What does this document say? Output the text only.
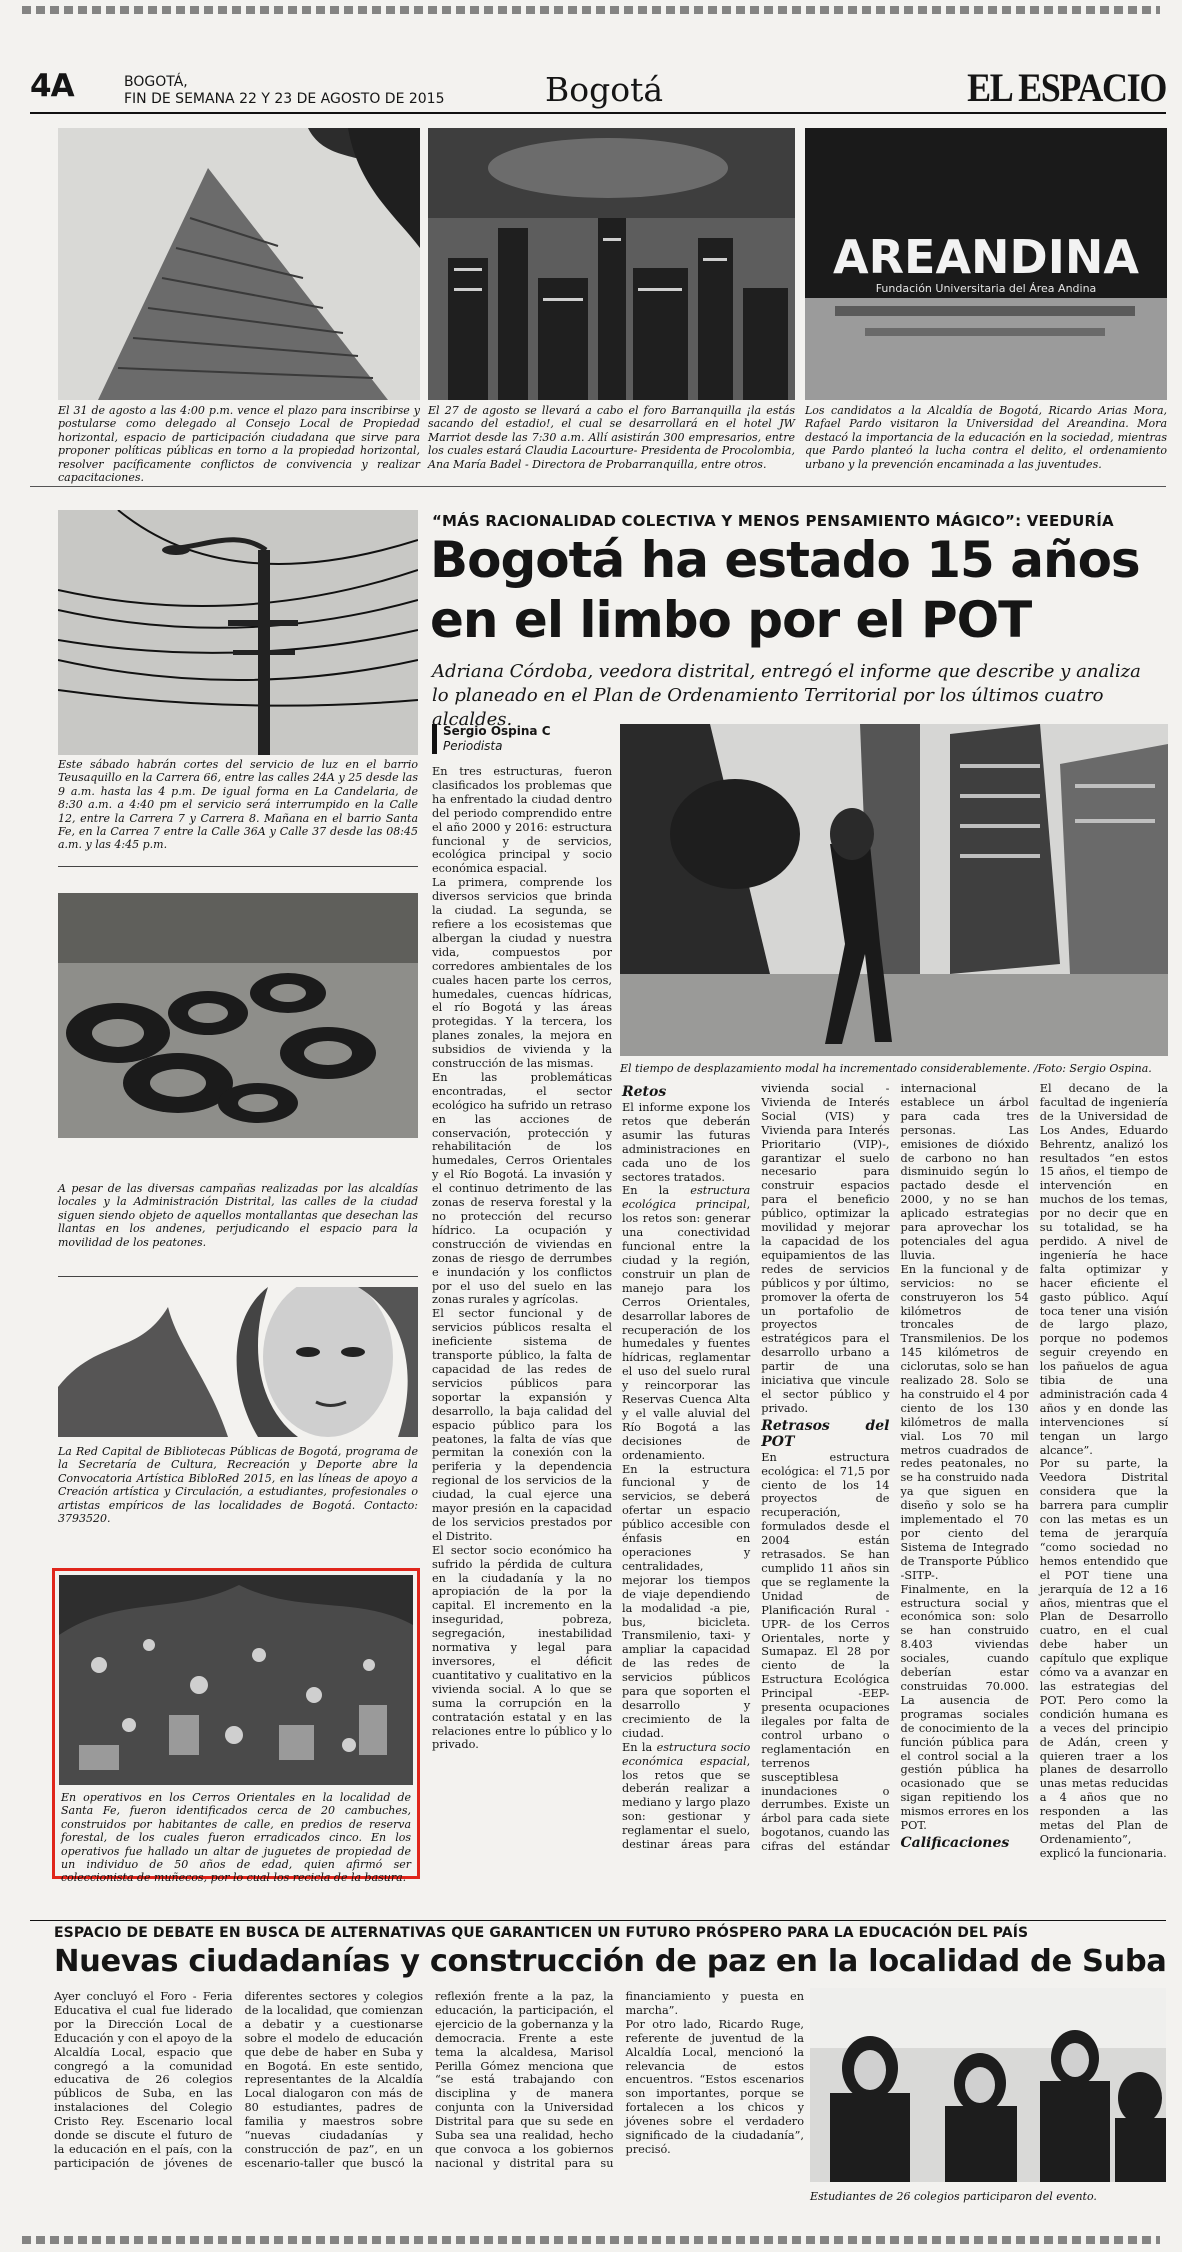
4A	BOGOTÁ,
FIN DE SEMANA 22 Y 23 DE AGOSTO DE 2015	Bogotá	EL ESPACIO
AREANDINA
Fundación Universitaria del Área Andina
El 31 de agosto a las 4:00 p.m. vence el plazo para inscribirse y postularse como delegado al Consejo Local de Propiedad horizontal, espacio de participación ciudadana que sirve para proponer políticas públicas en torno a la propiedad horizontal, resolver pacíficamente conflictos de convivencia y realizar capacitaciones.
El 27 de agosto se llevará a cabo el foro Barranquilla ¡la estás sacando del estadio!, el cual se desarrollará en el hotel JW Marriot desde las 7:30 a.m. Allí asistirán 300 empresarios, entre los cuales estará Claudia Lacourture- Presidenta de Procolombia, Ana María Badel - Directora de Probarranquilla, entre otros.
Los candidatos a la Alcaldía de Bogotá, Ricardo Arias Mora, Rafael Pardo visitaron la Universidad del Areandina. Mora destacó la importancia de la educación en la sociedad, mientras que Pardo planteó la lucha contra el delito, el ordenamiento urbano y la prevención encaminada a las juventudes.
Este sábado habrán cortes del servicio de luz en el barrio Teusaquillo en la Carrera 66, entre las calles 24A y 25 desde las 9 a.m. hasta las 4 p.m. De igual forma en La Candelaria, de 8:30 a.m. a 4:40 pm el servicio será interrumpido en la Calle 12, entre la Carrera 7 y Carrera 8. Mañana en el barrio Santa Fe, en la Carrea 7 entre la Calle 36A y Calle 37 desde las 08:45 a.m. y las 4:45 p.m.
A pesar de las diversas campañas realizadas por las alcaldías locales y la Administración Distrital, las calles de la ciudad siguen siendo objeto de aquellos montallantas que desechan las llantas en los andenes, perjudicando el espacio para la movilidad de los peatones.
La Red Capital de Bibliotecas Públicas de Bogotá, programa de la Secretaría de Cultura, Recreación y Deporte abre la Convocatoria Artística BibloRed 2015, en las líneas de apoyo a Creación artística y Circulación, a estudiantes, profesionales o artistas empíricos de las localidades de Bogotá. Contacto: 3793520.
En operativos en los Cerros Orientales en la localidad de Santa Fe, fueron identificados cerca de 20 cambuches, construidos por habitantes de calle, en predios de reserva forestal, de los cuales fueron erradicados cinco. En los operativos fue hallado un altar de juguetes de propiedad de un individuo de 50 años de edad, quien afirmó ser coleccionista de muñecos, por lo cual los recicla de la basura.
“MÁS RACIONALIDAD COLECTIVA Y MENOS PENSAMIENTO MÁGICO”: VEEDURÍA
Bogotá ha estado 15 años en el limbo por el POT
Adriana Córdoba, veedora distrital, entregó el informe que describe y analiza lo planeado en el Plan de Ordenamiento Territorial por los últimos cuatro alcaldes.
Sergio Ospina C
Periodista
El tiempo de desplazamiento modal ha incrementado considerablemente. /Foto: Sergio Ospina.

En tres estructuras, fueron clasificados los problemas que ha enfrentado la ciudad dentro del periodo comprendido entre el año 2000 y 2016: estructura funcional y de servicios, ecológica principal y socio económica espacial.

La primera, comprende los diversos servicios que brinda la ciudad. La segunda, se refiere a los ecosistemas que albergan la ciudad y nuestra vida, compuestos por corredores ambientales de los cuales hacen parte los cerros, humedales, cuencas hídricas, el río Bogotá y las áreas protegidas. Y la tercera, los planes zonales, la mejora en subsidios de vivienda y la construcción de las mismas.

En las problemáticas encontradas, el sector ecológico ha sufrido un retraso en las acciones de conservación, protección y rehabilitación de los humedales, Cerros Orientales y el Río Bogotá. La invasión y el continuo detrimento de las zonas de reserva forestal y la no protección del recurso hídrico. La ocupación y construcción de viviendas en zonas de riesgo de derrumbes e inundación y los conflictos por el uso del suelo en las zonas rurales y agrícolas.

El sector funcional y de servicios públicos resalta el ineficiente sistema de transporte público, la falta de capacidad de las redes de servicios públicos para soportar la expansión y desarrollo, la baja calidad del espacio público para los peatones, la falta de vías que permitan la conexión con la periferia y la dependencia regional de los servicios de la ciudad, la cual ejerce una mayor presión en la capacidad de los servicios prestados por el Distrito.

El sector socio económico ha sufrido la pérdida de cultura en la ciudadanía y la no apropiación de la por la capital. El incremento en la inseguridad, pobreza, segregación, inestabilidad normativa y legal para inversores, el déficit cuantitativo y cualitativo en la vivienda social. A lo que se suma la corrupción en la contratación estatal y en las relaciones entre lo público y lo privado.

Retos

El informe expone los retos que deberán asumir las futuras administraciones en cada uno de los sectores tratados.

En la estructura ecológica principal, los retos son: generar una conectividad funcional entre la ciudad y la región, construir un plan de manejo para los Cerros Orientales, desarrollar labores de recuperación de los humedales y fuentes hídricas, reglamentar el uso del suelo rural y reincorporar las Reservas Cuenca Alta y el valle aluvial del Río Bogotá a las decisiones de ordenamiento.

En la estructura funcional y de servicios, se deberá ofertar un espacio público accesible con énfasis en operaciones y centralidades, mejorar los tiempos de viaje dependiendo la modalidad -a pie, bus, bicicleta. Transmilenio, taxi- y ampliar la capacidad de las redes de servicios públicos para que soporten el desarrollo y crecimiento de la ciudad.

En la estructura socio económica espacial, los retos que se deberán realizar a mediano y largo plazo son: gestionar y reglamentar el suelo, destinar áreas para vivienda social -Vivienda de Interés Social (VIS) y Vivienda para Interés Prioritario (VIP)-, garantizar el suelo necesario para construir espacios para el beneficio público, optimizar la movilidad y mejorar la capacidad de los equipamientos de las redes de servicios públicos y por último, promover la oferta de un portafolio de proyectos estratégicos para el desarrollo urbano a partir de una iniciativa que vincule el sector público y privado.

Retrasos del POT

En estructura ecológica: el 71,5 por ciento de los 14 proyectos de recuperación, formulados desde el 2004 están retrasados. Se han cumplido 11 años sin que se reglamente la Unidad de Planificación Rural -UPR- de los Cerros Orientales, norte y Sumapaz. El 28 por ciento de la Estructura Ecológica Principal -EEP- presenta ocupaciones ilegales por falta de control urbano o reglamentación en terrenos susceptiblesa inundaciones o derrumbes. Existe un árbol para cada siete bogotanos, cuando las cifras del estándar internacional establece un árbol para cada tres personas. Las emisiones de dióxido de carbono no han disminuido según lo pactado desde el 2000, y no se han aplicado estrategias para aprovechar los potenciales del agua lluvia.

En la funcional y de servicios: no se construyeron los 54 kilómetros de troncales de Transmilenios. De los 145 kilómetros de ciclorutas, solo se han realizado 28. Solo se ha construido el 4 por ciento de los 130 kilómetros de malla vial. Los 70 mil metros cuadrados de redes peatonales, no se ha construido nada ya que siguen en diseño y solo se ha implementado el 70 por ciento del Sistema de Integrado de Transporte Público -SITP-.

Finalmente, en la estructura social y económica son: solo se han construido 8.403 viviendas sociales, cuando deberían estar construidas 70.000. La ausencia de programas sociales de conocimiento de la función pública para el control social a la gestión pública ha ocasionado que se sigan repitiendo los mismos errores en los POT.

Calificaciones

El decano de la facultad de ingeniería de la Universidad de Los Andes, Eduardo Behrentz, analizó los resultados “en estos 15 años, el tiempo de intervención en muchos de los temas, por no decir que en su totalidad, se ha perdido. A nivel de ingeniería he hace falta optimizar y hacer eficiente el gasto público. Aquí toca tener una visión de largo plazo, porque no podemos seguir creyendo en los pañuelos de agua tibia de una administración cada 4 años y en donde las intervenciones sí tengan un largo alcance”.

Por su parte, la Veedora Distrital considera que la barrera para cumplir con las metas es un tema de jerarquía “como sociedad no hemos entendido que el POT tiene una jerarquía de 12 a 16 años, mientras que el Plan de Desarrollo cuatro, en el cual debe haber un capítulo que explique cómo va a avanzar en las estrategias del POT. Pero como la condición humana es a veces del principio de Adán, creen y quieren traer a los planes de desarrollo unas metas reducidas a 4 años que no responden a las metas del Plan de Ordenamiento”, explicó la funcionaria.

ESPACIO DE DEBATE EN BUSCA DE ALTERNATIVAS QUE GARANTICEN UN FUTURO PRÓSPERO PARA LA EDUCACIÓN DEL PAÍS
Nuevas ciudadanías y construcción de paz en la localidad de Suba

Ayer concluyó el Foro - Feria Educativa el cual fue liderado por la Dirección Local de Educación y con el apoyo de la Alcaldía Local, espacio que congregó a la comunidad educativa de 26 colegios públicos de Suba, en las instalaciones del Colegio Cristo Rey. Escenario local donde se discute el futuro de la educación en el país, con la participación de jóvenes de diferentes sectores y colegios de la localidad, que comienzan a debatir y a cuestionarse sobre el modelo de educación que debe de haber en Suba y en Bogotá. En este sentido, representantes de la Alcaldía Local dialogaron con más de 80 estudiantes, padres de familia y maestros sobre “nuevas ciudadanías y construcción de paz”, en un escenario-taller que buscó la reflexión frente a la paz, la educación, la participación, el ejercicio de la gobernanza y la democracia. Frente a este tema la alcaldesa, Marisol Perilla Gómez menciona que “se está trabajando con disciplina y de manera conjunta con la Universidad Distrital para que su sede en Suba sea una realidad, hecho que convoca a los gobiernos nacional y distrital para su financiamiento y puesta en marcha”.

Por otro lado, Ricardo Ruge, referente de juventud de la Alcaldía Local, mencionó la relevancia de estos encuentros. “Estos escenarios son importantes, porque se fortalecen a los chicos y jóvenes sobre el verdadero significado de la ciudadanía”, precisó.

Estudiantes de 26 colegios participaron del evento.
